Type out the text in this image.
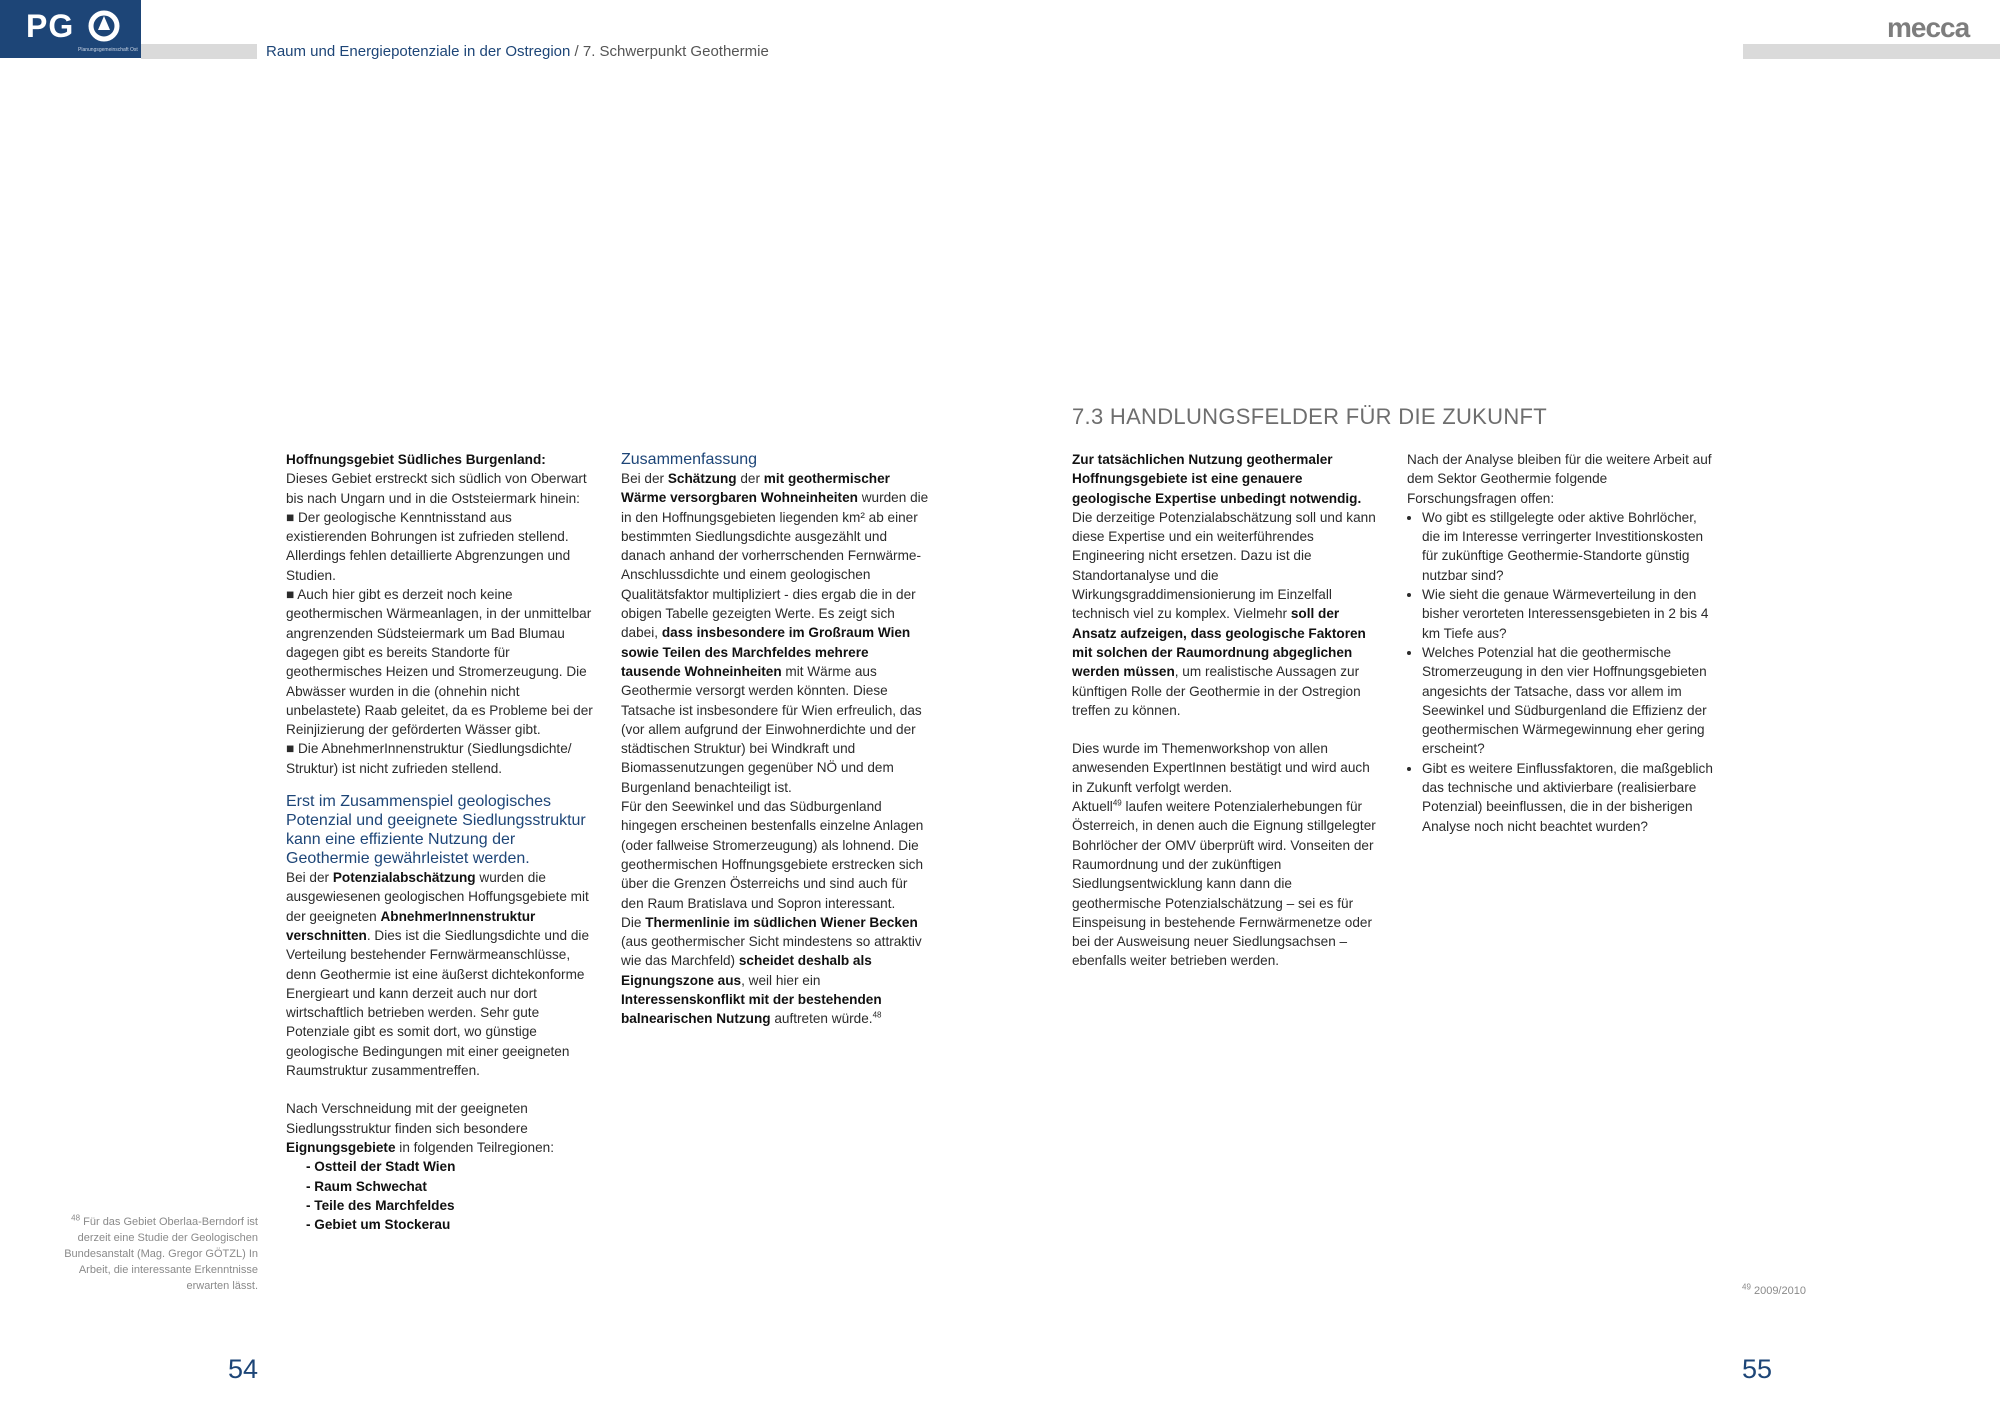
PG
Planungsgemeinschaft Ost	Raum und Energiepotenziale in der Ostregion / 7. Schwerpunkt Geothermie
mecca

Hoffnungsgebiet Südliches Burgenland:

Dieses Gebiet erstreckt sich südlich von Oberwart bis nach Ungarn und in die Oststeiermark hinein:

■ Der geologische Kenntnisstand aus existierenden Bohrungen ist zufrieden stellend. Allerdings fehlen detaillierte Abgrenzungen und Studien.

■ Auch hier gibt es derzeit noch keine geothermischen Wärmeanlagen, in der unmittelbar angrenzenden Südsteiermark um Bad Blumau dagegen gibt es bereits Standorte für geothermisches Heizen und Stromerzeugung. Die Abwässer wurden in die (ohnehin nicht unbelastete) Raab geleitet, da es Probleme bei der Reinjizierung der geförderten Wässer gibt.

■ Die AbnehmerInnenstruktur (Siedlungsdichte/ Struktur) ist nicht zufrieden stellend.

Erst im Zusammenspiel geologisches Potenzial und geeignete Siedlungsstruktur kann eine effiziente Nutzung der Geothermie gewährleistet werden.

Bei der Potenzialabschätzung wurden die ausgewiesenen geologischen Hoffungsgebiete mit der geeigneten AbnehmerInnenstruktur verschnitten. Dies ist die Siedlungsdichte und die Verteilung bestehender Fernwärmeanschlüsse, denn Geothermie ist eine äußerst dichtekonforme Energieart und kann derzeit auch nur dort wirtschaftlich betrieben werden. Sehr gute Potenziale gibt es somit dort, wo günstige geologische Bedingungen mit einer geeigneten Raumstruktur zusammentreffen.

Nach Verschneidung mit der geeigneten Siedlungsstruktur finden sich besondere Eignungsgebiete in folgenden Teilregionen:

- Ostteil der Stadt Wien
- Raum Schwechat
- Teile des Marchfeldes
- Gebiet um Stockerau

Zusammenfassung

Bei der Schätzung der mit geothermischer Wärme versorgbaren Wohneinheiten wurden die in den Hoffnungsgebieten liegenden km² ab einer bestimmten Siedlungsdichte ausgezählt und danach anhand der vorherrschenden Fernwärme-Anschlussdichte und einem geologischen Qualitätsfaktor multipliziert - dies ergab die in der obigen Tabelle gezeigten Werte. Es zeigt sich dabei, dass insbesondere im Großraum Wien sowie Teilen des Marchfeldes mehrere tausende Wohneinheiten mit Wärme aus Geothermie versorgt werden könnten. Diese Tatsache ist insbesondere für Wien erfreulich, das (vor allem aufgrund der Einwohnerdichte und der städtischen Struktur) bei Windkraft und Biomassenutzungen gegenüber NÖ und dem Burgenland benachteiligt ist.

Für den Seewinkel und das Südburgenland hingegen erscheinen bestenfalls einzelne Anlagen (oder fallweise Stromerzeugung) als lohnend. Die geothermischen Hoffnungsgebiete erstrecken sich über die Grenzen Österreichs und sind auch für den Raum Bratislava und Sopron interessant.

Die Thermenlinie im südlichen Wiener Becken (aus geothermischer Sicht mindestens so attraktiv wie das Marchfeld) scheidet deshalb als Eignungszone aus, weil hier ein Interessenskonflikt mit der bestehenden balnearischen Nutzung auftreten würde.$^{48}$

$^{48}$ Für das Gebiet Oberlaa-Berndorf ist derzeit eine Studie der Geologischen Bundesanstalt (Mag. Gregor GÖTZL) In Arbeit, die interessante Erkenntnisse erwarten lässt.
54
7.3 HANDLUNGSFELDER FÜR DIE ZUKUNFT

Zur tatsächlichen Nutzung geothermaler Hoffnungsgebiete ist eine genauere geologische Expertise unbedingt notwendig. Die derzeitige Potenzialabschätzung soll und kann diese Expertise und ein weiterführendes Engineering nicht ersetzen. Dazu ist die Standortanalyse und die Wirkungsgraddimensionierung im Einzelfall technisch viel zu komplex. Vielmehr soll der Ansatz aufzeigen, dass geologische Faktoren mit solchen der Raumordnung abgeglichen werden müssen, um realistische Aussagen zur künftigen Rolle der Geothermie in der Ostregion treffen zu können.

Dies wurde im Themenworkshop von allen anwesenden ExpertInnen bestätigt und wird auch in Zukunft verfolgt werden.

Aktuell$^{49}$ laufen weitere Potenzialerhebungen für Österreich, in denen auch die Eignung stillgelegter Bohrlöcher der OMV überprüft wird. Vonseiten der Raumordnung und der zukünftigen Siedlungsentwicklung kann dann die geothermische Potenzialschätzung – sei es für Einspeisung in bestehende Fernwärmenetze oder bei der Ausweisung neuer Siedlungsachsen – ebenfalls weiter betrieben werden.

Nach der Analyse bleiben für die weitere Arbeit auf dem Sektor Geothermie folgende Forschungsfragen offen:

• Wo gibt es stillgelegte oder aktive Bohrlöcher, die im Interesse verringerter Investitionskosten für zukünftige Geothermie-Standorte günstig nutzbar sind?
• Wie sieht die genaue Wärmeverteilung in den bisher verorteten Interessensgebieten in 2 bis 4 km Tiefe aus?
• Welches Potenzial hat die geothermische Stromerzeugung in den vier Hoffnungsgebieten angesichts der Tatsache, dass vor allem im Seewinkel und Südburgenland die Effizienz der geothermischen Wärmegewinnung eher gering erscheint?
• Gibt es weitere Einflussfaktoren, die maßgeblich das technische und aktivierbare (realisierbare Potenzial) beeinflussen, die in der bisherigen Analyse noch nicht beachtet wurden?
$^{49}$ 2009/2010
55
